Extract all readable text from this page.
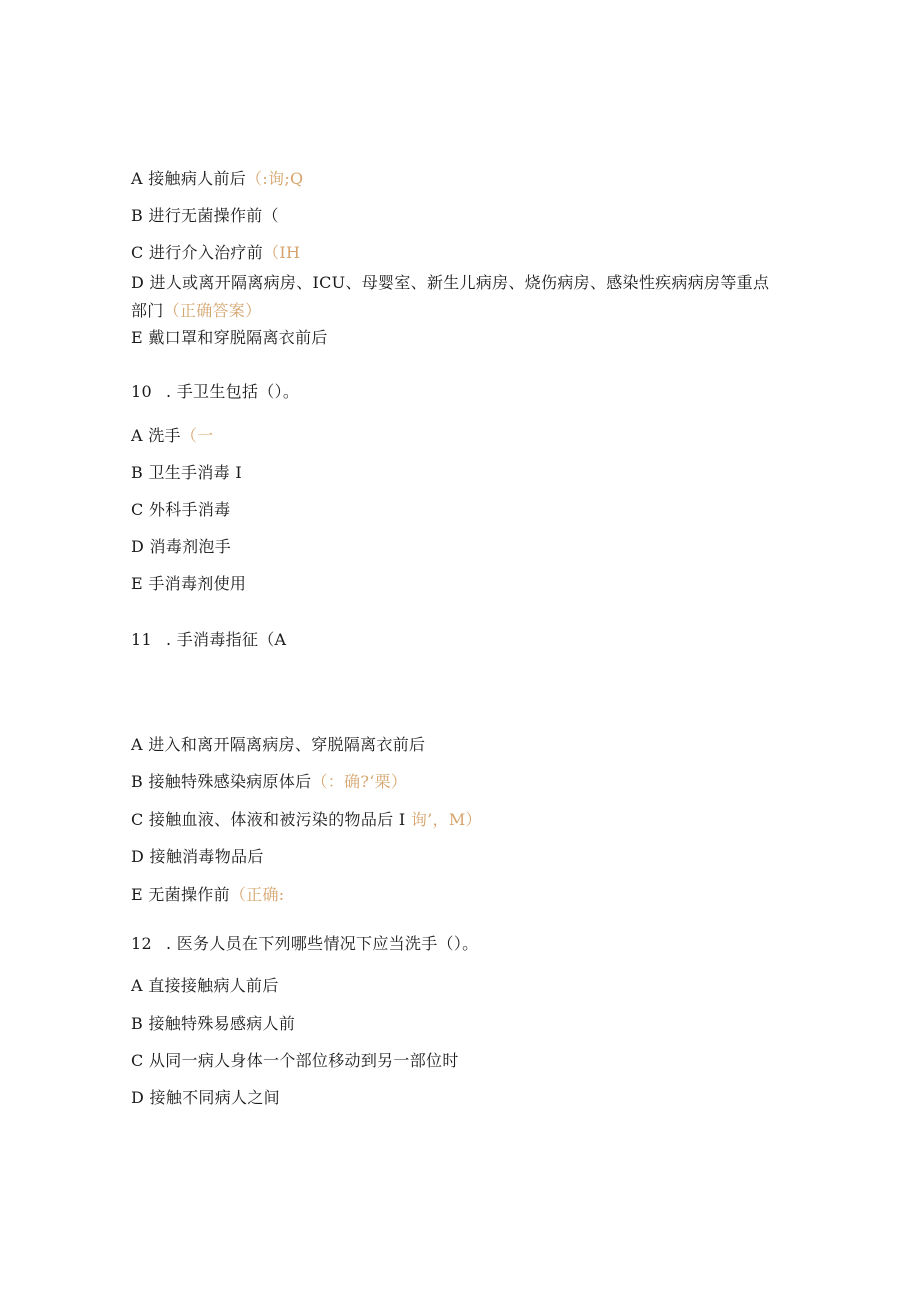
A 接触病人前后（:询;Q
B 进行无菌操作前（
C 进行介入治疗前（IH
D 进人或离开隔离病房、ICU、母婴室、新生儿病房、烧伤病房、感染性疾病病房等重点部门（正确答案）
E 戴口罩和穿脱隔离衣前后
10 . 手卫生包括（）。
A 洗手（一
B 卫生手消毒 I
C 外科手消毒
D 消毒剂泡手
E 手消毒剂使用
11 . 手消毒指征（A
A 进入和离开隔离病房、穿脱隔离衣前后
B 接触特殊感染病原体后（：确?‘栗）
C 接触血液、体液和被污染的物品后 I 询’，M）
D 接触消毒物品后
E 无菌操作前（正确:
12 . 医务人员在下列哪些情况下应当洗手（）。
A 直接接触病人前后
B 接触特殊易感病人前
C 从同一病人身体一个部位移动到另一部位时
D 接触不同病人之间
